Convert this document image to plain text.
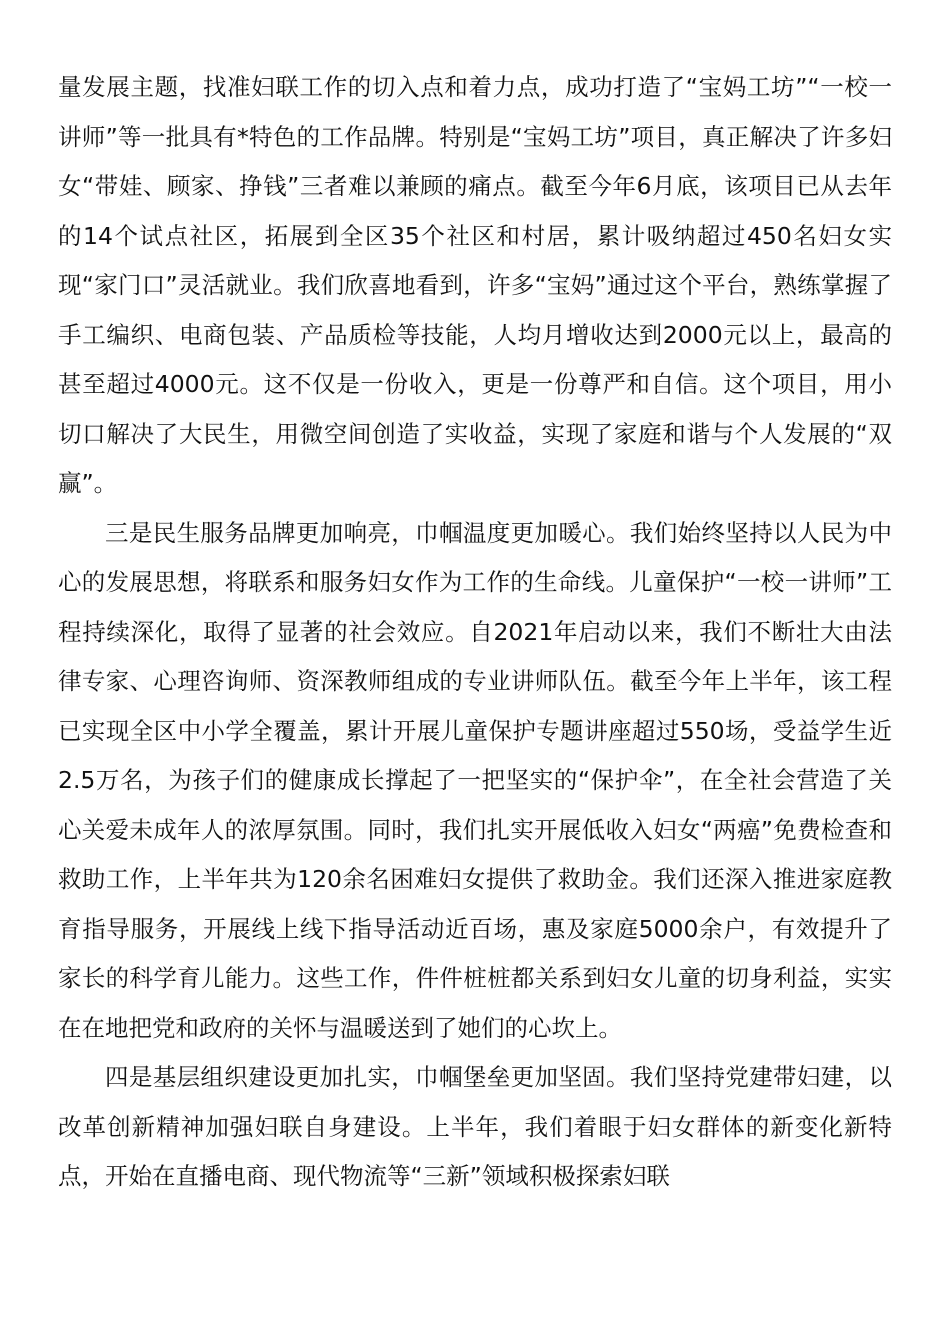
量发展主题，找准妇联工作的切入点和着力点，成功打造了“宝妈工坊”“一校一讲师”等一批具有*特色的工作品牌。特别是“宝妈工坊”项目，真正解决了许多妇女“带娃、顾家、挣钱”三者难以兼顾的痛点。截至今年6月底，该项目已从去年的14个试点社区，拓展到全区35个社区和村居，累计吸纳超过450名妇女实现“家门口”灵活就业。我们欣喜地看到，许多“宝妈”通过这个平台，熟练掌握了手工编织、电商包装、产品质检等技能，人均月增收达到2000元以上，最高的甚至超过4000元。这不仅是一份收入，更是一份尊严和自信。这个项目，用小切口解决了大民生，用微空间创造了实收益，实现了家庭和谐与个人发展的“双赢”。

三是民生服务品牌更加响亮，巾帼温度更加暖心。我们始终坚持以人民为中心的发展思想，将联系和服务妇女作为工作的生命线。儿童保护“一校一讲师”工程持续深化，取得了显著的社会效应。自2021年启动以来，我们不断壮大由法律专家、心理咨询师、资深教师组成的专业讲师队伍。截至今年上半年，该工程已实现全区中小学全覆盖，累计开展儿童保护专题讲座超过550场，受益学生近2.5万名，为孩子们的健康成长撑起了一把坚实的“保护伞”，在全社会营造了关心关爱未成年人的浓厚氛围。同时，我们扎实开展低收入妇女“两癌”免费检查和救助工作，上半年共为120余名困难妇女提供了救助金。我们还深入推进家庭教育指导服务，开展线上线下指导活动近百场，惠及家庭5000余户，有效提升了家长的科学育儿能力。这些工作，件件桩桩都关系到妇女儿童的切身利益，实实在在地把党和政府的关怀与温暖送到了她们的心坎上。

四是基层组织建设更加扎实，巾帼堡垒更加坚固。我们坚持党建带妇建，以改革创新精神加强妇联自身建设。上半年，我们着眼于妇女群体的新变化新特点，开始在直播电商、现代物流等“三新”领域积极探索妇联
